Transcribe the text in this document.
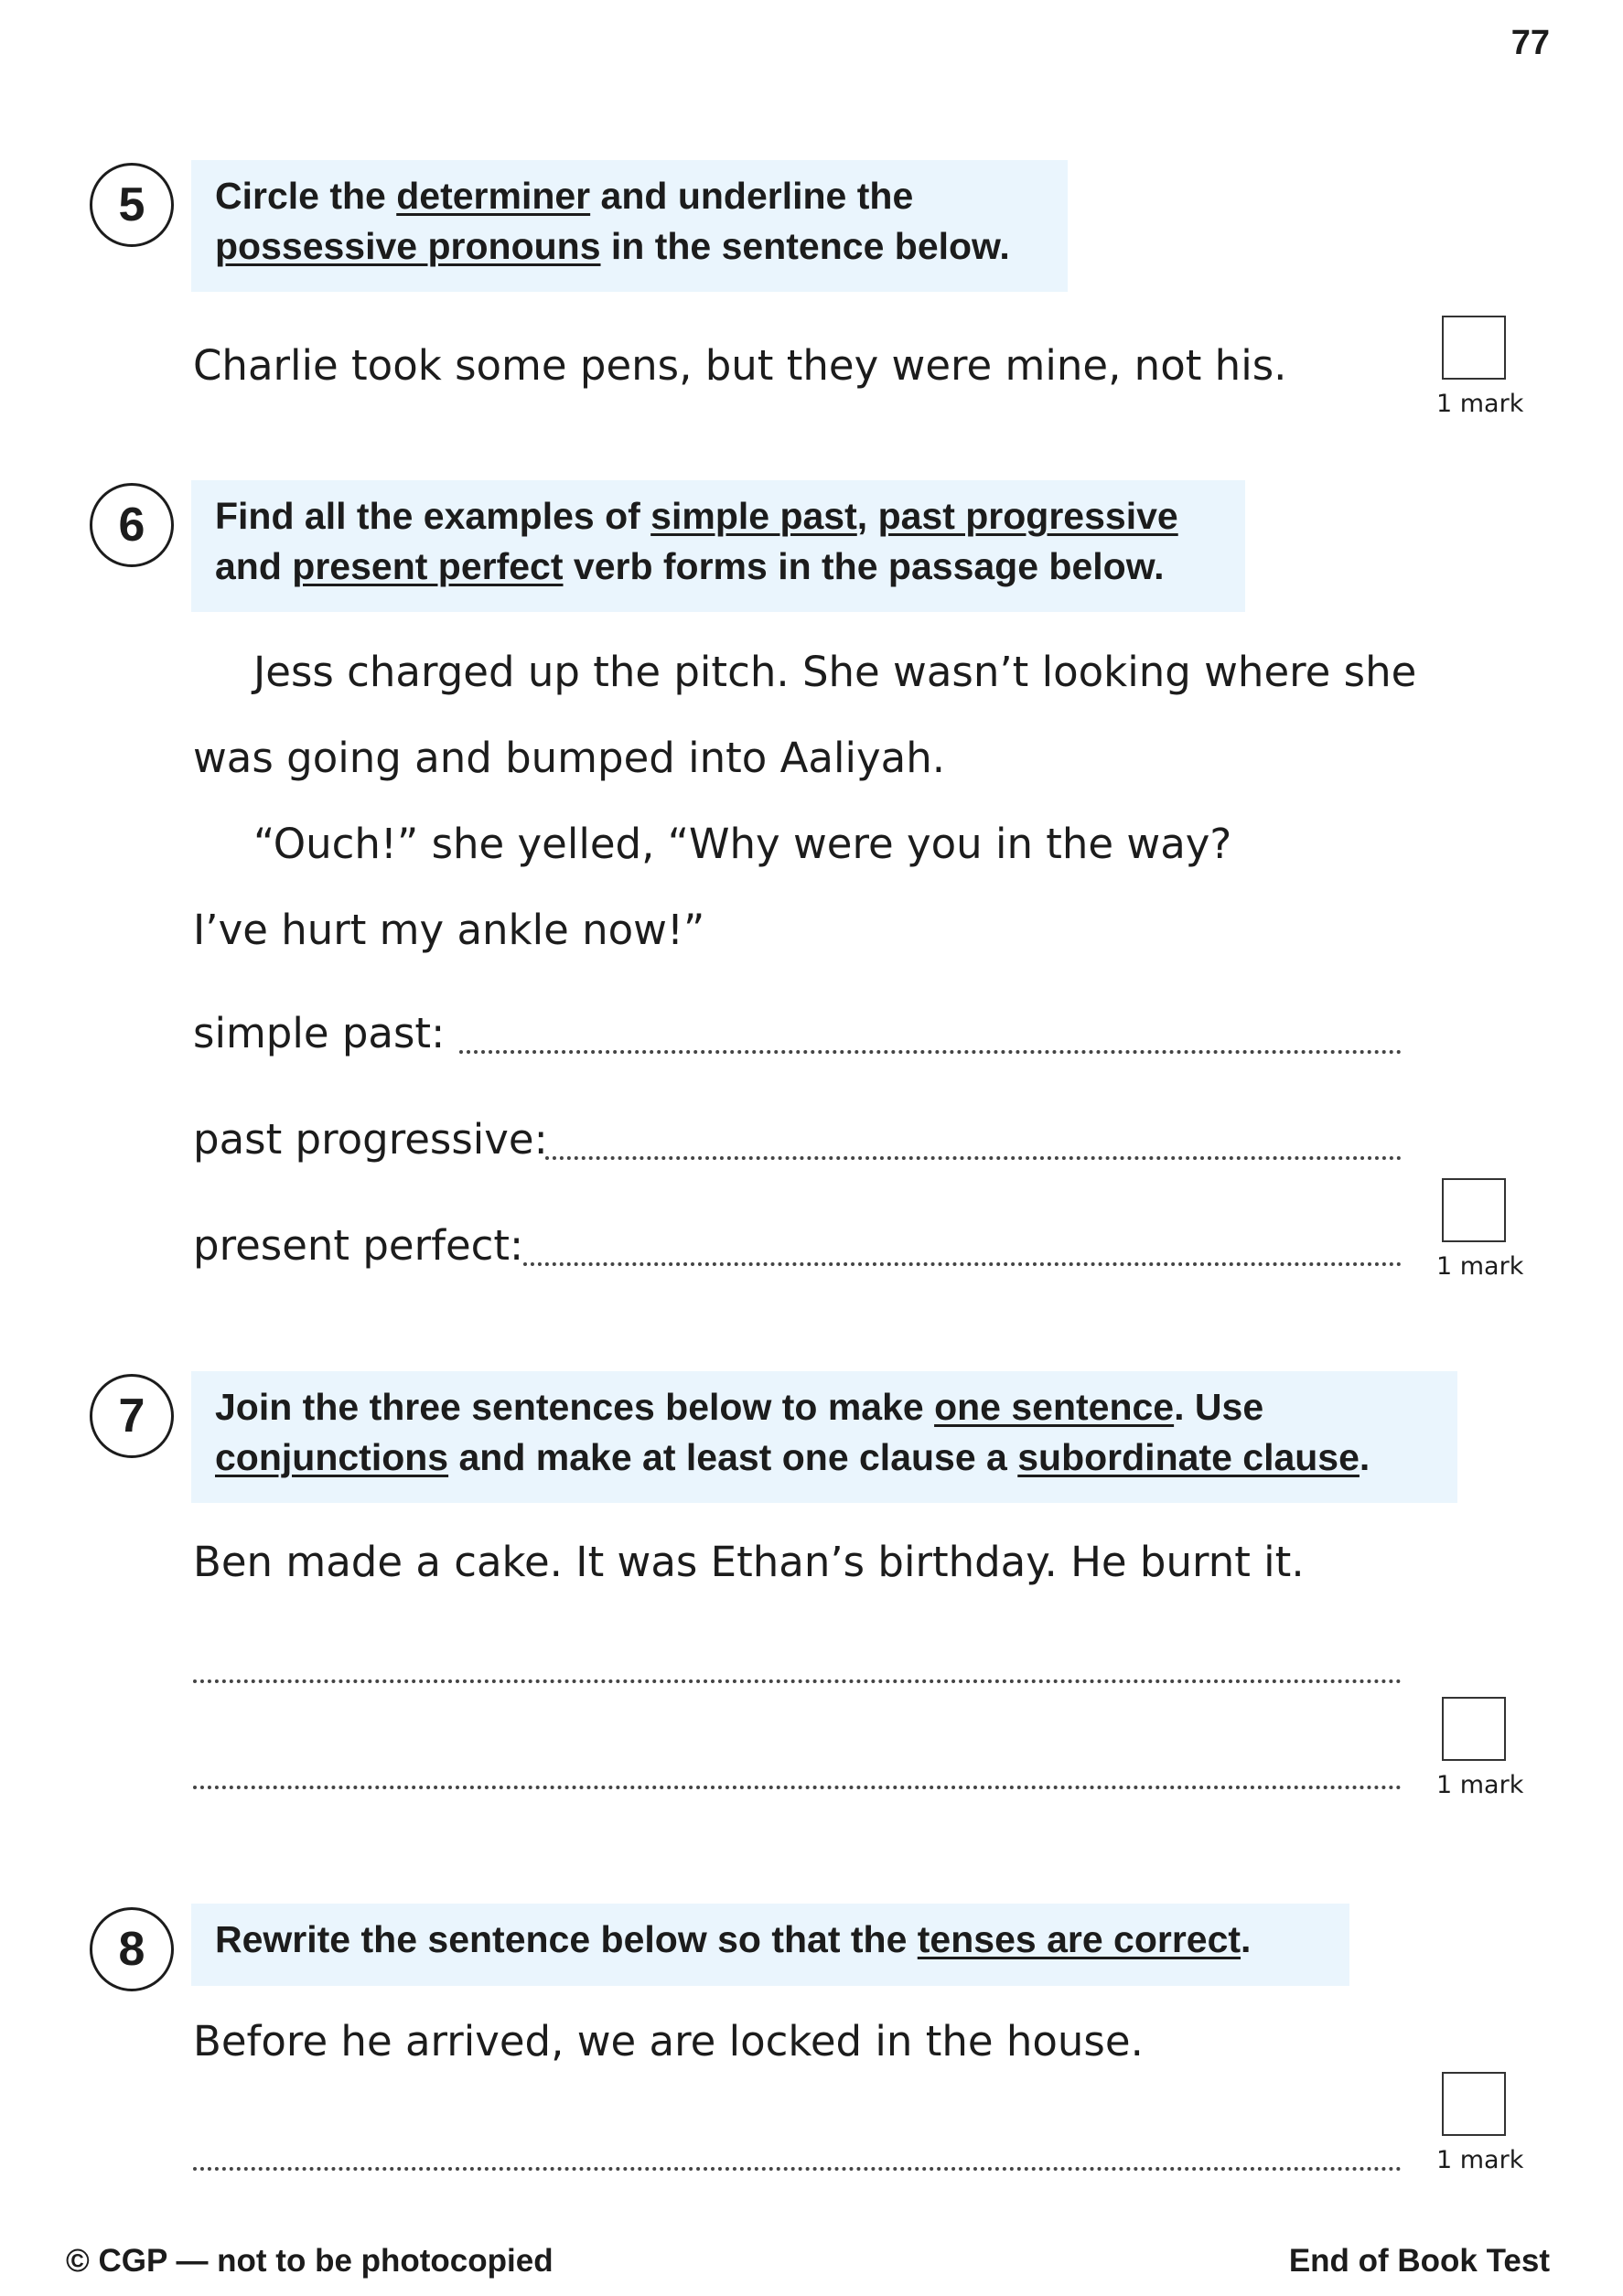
77
5	Circle the determiner and underline the
possessive pronouns in the sentence below.
Charlie took some pens, but they were mine, not his.
1 mark
6	Find all the examples of simple past, past progressive
and present perfect verb forms in the passage below.

Jess charged up the pitch. She wasn’t looking where she

was going and bumped into Aaliyah.

“Ouch!” she yelled, “Why were you in the way?

I’ve hurt my ankle now!”

simple past:
past progressive:
present perfect:	1 mark
7	Join the three sentences below to make one sentence. Use
conjunctions and make at least one clause a subordinate clause.
Ben made a cake. It was Ethan’s birthday. He burnt it.
1 mark
8	Rewrite the sentence below so that the tenses are correct.
Before he arrived, we are locked in the house.
1 mark
© CGP — not to be photocopied	End of Book Test
